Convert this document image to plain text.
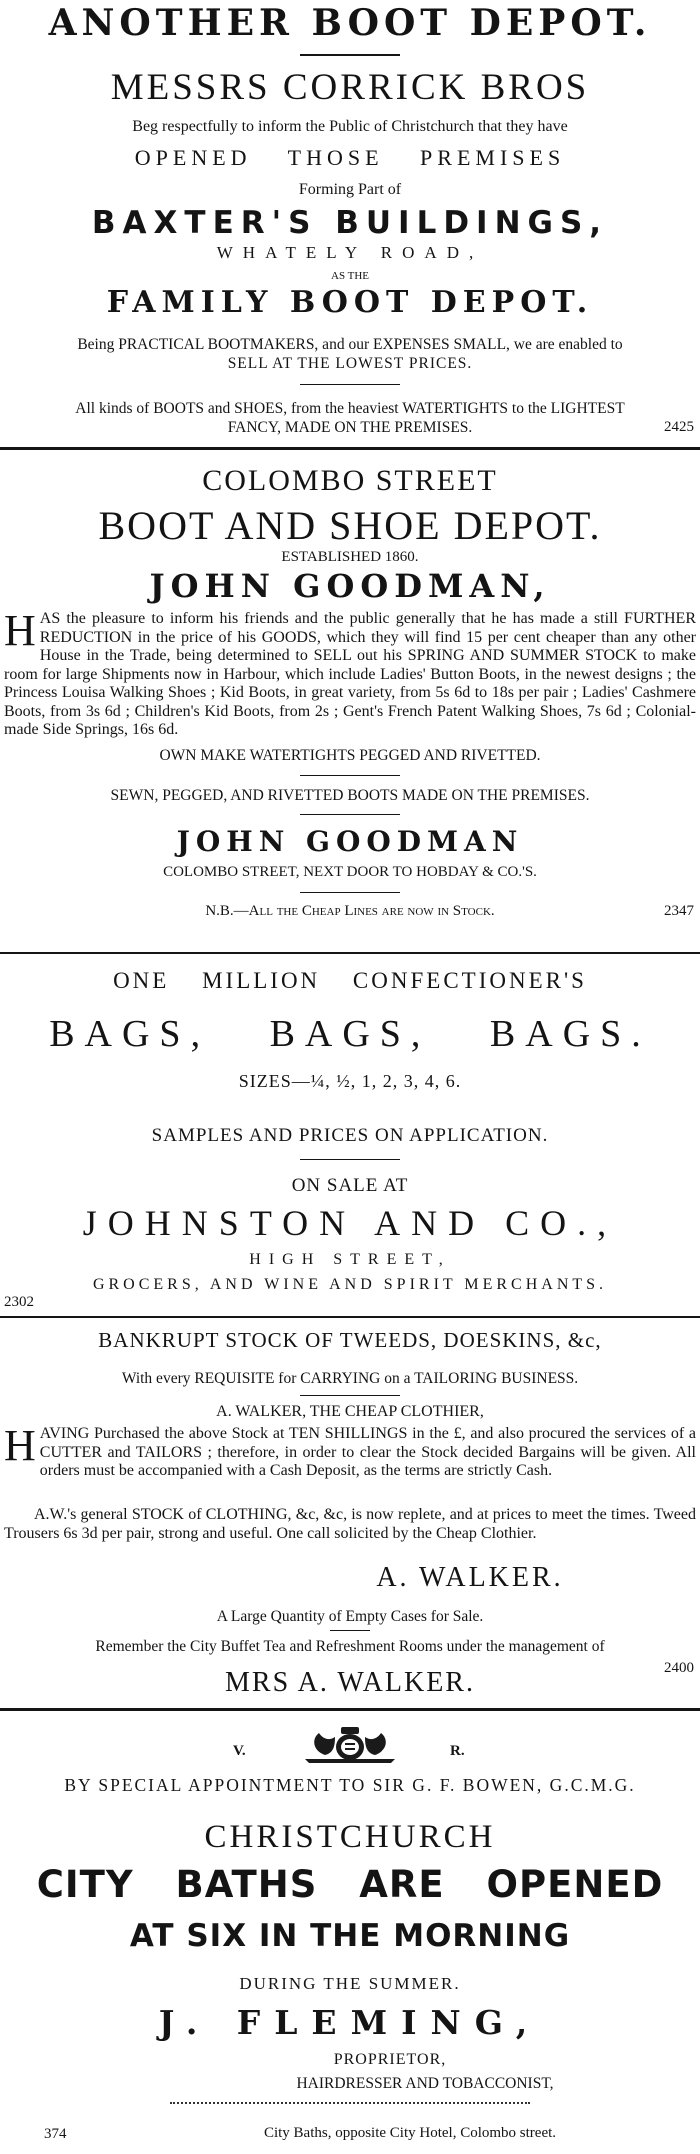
ANOTHER BOOT DEPOT.
MESSRS CORRICK BROS
Beg respectfully to inform the Public of Christchurch that they have
OPENED THOSE PREMISES
Forming Part of
BAXTER'S BUILDINGS,
WHATELY ROAD,
AS THE
FAMILY BOOT DEPOT.
Being PRACTICAL BOOTMAKERS, and our EXPENSES SMALL, we are enabled to
SELL AT THE LOWEST PRICES.
All kinds of BOOTS and SHOES, from the heaviest WATERTIGHTS to the LIGHTEST
FANCY, MADE ON THE PREMISES.	2425
COLOMBO STREET
BOOT AND SHOE DEPOT.
ESTABLISHED 1860.
JOHN GOODMAN,
HAS the pleasure to inform his friends and the public generally that he has made a still FURTHER REDUCTION in the price of his GOODS, which they will find 15 per cent cheaper than any other House in the Trade, being determined to SELL out his SPRING AND SUMMER STOCK to make room for large Shipments now in Harbour, which include Ladies' Button Boots, in the newest designs ; the Princess Louisa Walking Shoes ; Kid Boots, in great variety, from 5s 6d to 18s per pair ; Ladies' Cashmere Boots, from 3s 6d ; Children's Kid Boots, from 2s ; Gent's French Patent Walking Shoes, 7s 6d ; Colonial-made Side Springs, 16s 6d.
OWN MAKE WATERTIGHTS PEGGED AND RIVETTED.
SEWN, PEGGED, AND RIVETTED BOOTS MADE ON THE PREMISES.
JOHN GOODMAN
COLOMBO STREET, NEXT DOOR TO HOBDAY & CO.'S.
N.B.—All the Cheap Lines are now in Stock.	2347
ONE MILLION CONFECTIONER'S
BAGS, BAGS, BAGS.
SIZES—¼, ½, 1, 2, 3, 4, 6.
SAMPLES AND PRICES ON APPLICATION.
ON SALE AT
JOHNSTON AND CO.,
HIGH STREET,
GROCERS, AND WINE AND SPIRIT MERCHANTS.
2302
BANKRUPT STOCK OF TWEEDS, DOESKINS, &c,
With every REQUISITE for CARRYING on a TAILORING BUSINESS.
A. WALKER, THE CHEAP CLOTHIER,
HAVING Purchased the above Stock at TEN SHILLINGS in the £, and also procured the services of a CUTTER and TAILORS ; therefore, in order to clear the Stock decided Bargains will be given. All orders must be accompanied with a Cash Deposit, as the terms are strictly Cash.
A.W.'s general STOCK of CLOTHING, &c, &c, is now replete, and at prices to meet the times. Tweed Trousers 6s 3d per pair, strong and useful. One call solicited by the Cheap Clothier.
A. WALKER.
A Large Quantity of Empty Cases for Sale.
Remember the City Buffet Tea and Refreshment Rooms under the management of
MRS A. WALKER.	2400
V.	R.
BY SPECIAL APPOINTMENT TO SIR G. F. BOWEN, G.C.M.G.
CHRISTCHURCH
CITY BATHS ARE OPENED
AT SIX IN THE MORNING
DURING THE SUMMER.
J. FLEMING,
PROPRIETOR,
HAIRDRESSER AND TOBACCONIST,
374	City Baths, opposite City Hotel, Colombo street.
